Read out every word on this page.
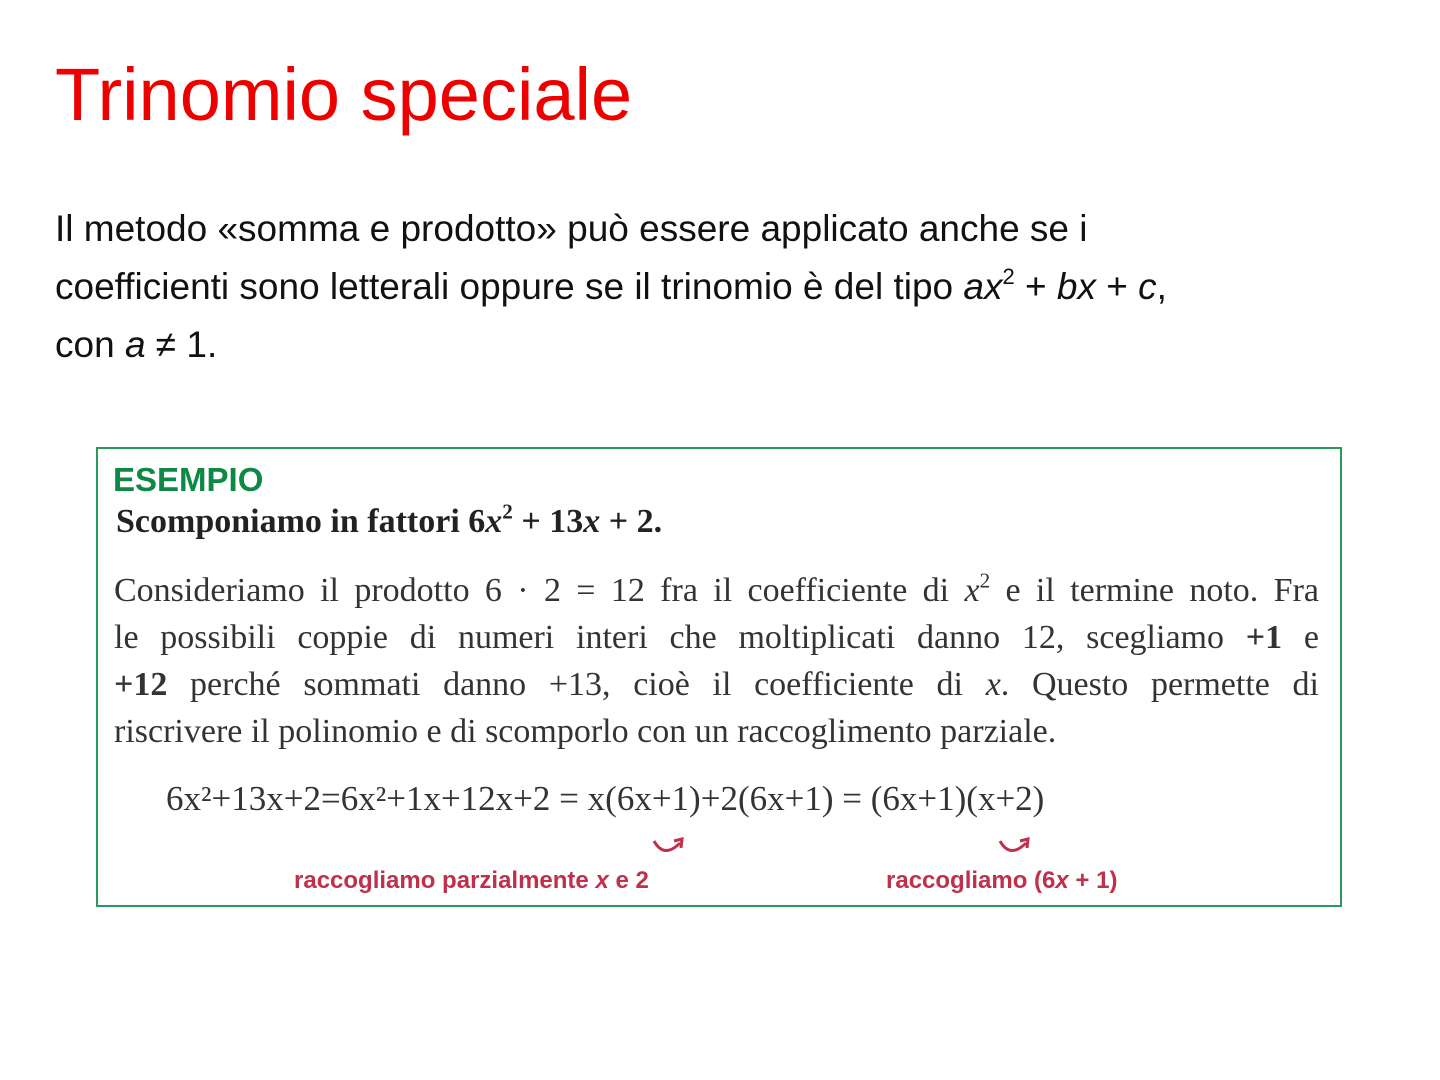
Trinomio speciale
Il metodo «somma e prodotto» può essere applicato anche se i
coefficienti sono letterali oppure se il trinomio è del tipo $ax^2$ + bx + c,
con a ≠ 1.
ESEMPIO
Scomponiamo in fattori $6x^2 + 13x + 2$.
Consideriamo il prodotto 6 · 2 = 12 fra il coefficiente di $x^2$ e il termine noto. Fra
le possibili coppie di numeri interi che moltiplicati danno 12, scegliamo +1 e
+12 perché sommati danno +13, cioè il coefficiente di x. Questo permette di
riscrivere il polinomio e di scomporlo con un raccoglimento parziale.
6x²+13x+2=6x²+1x+12x+2 = x(6x+1)+2(6x+1) = (6x+1)(x+2)
raccogliamo parzialmente x e 2	raccogliamo (6x + 1)
